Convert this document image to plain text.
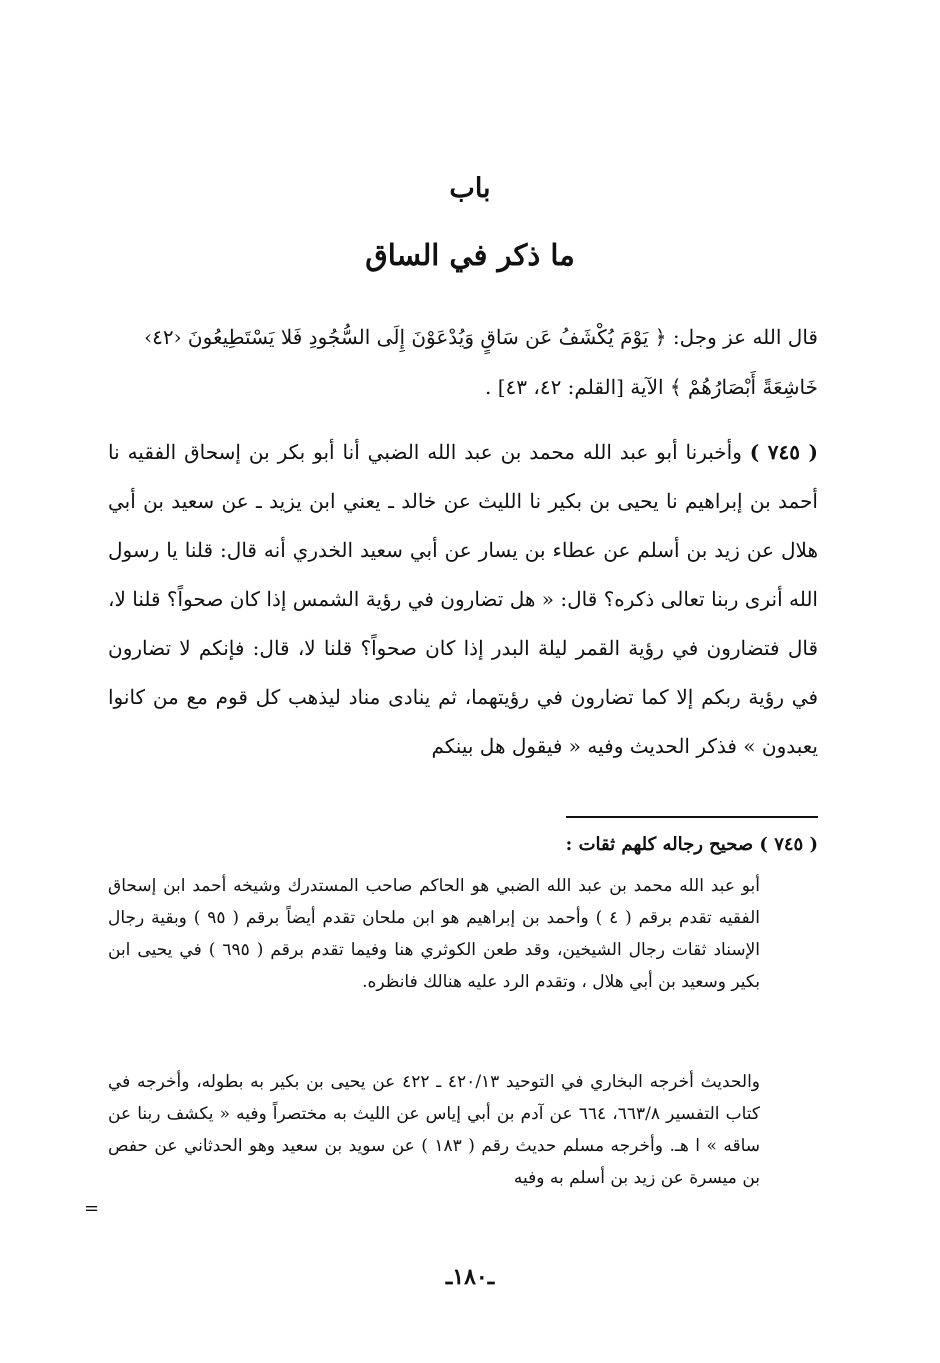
باب
ما ذكر في الساق
قال الله عز وجل: ﴿ يَوْمَ يُكْشَفُ عَن سَاقٍ وَيُدْعَوْنَ إِلَى السُّجُودِ فَلا يَسْتَطِيعُونَ ‹٤٢› خَاشِعَةً أَبْصَارُهُمْ ﴾ الآية [القلم: ٤٢، ٤٣] .
( ٧٤٥ ) وأخبرنا أبو عبد الله محمد بن عبد الله الضبي أنا أبو بكر بن إسحاق الفقيه نا أحمد بن إبراهيم نا يحيى بن بكير نا الليث عن خالد ـ يعني ابن يزيد ـ عن سعيد بن أبي هلال عن زيد بن أسلم عن عطاء بن يسار عن أبي سعيد الخدري أنه قال: قلنا يا رسول الله أنرى ربنا تعالى ذكره؟ قال: « هل تضارون في رؤية الشمس إذا كان صحواً؟ قلنا لا، قال فتضارون في رؤية القمر ليلة البدر إذا كان صحواً؟ قلنا لا، قال: فإنكم لا تضارون في رؤية ربكم إلا كما تضارون في رؤيتهما، ثم ينادى مناد ليذهب كل قوم مع من كانوا يعبدون » فذكر الحديث وفيه « فيقول هل بينكم
( ٧٤٥ ) صحيح رجاله كلهم ثقات :
أبو عبد الله محمد بن عبد الله الضبي هو الحاكم صاحب المستدرك وشيخه أحمد ابن إسحاق الفقيه تقدم برقم ( ٤ ) وأحمد بن إبراهيم هو ابن ملحان تقدم أيضاً برقم ( ٩٥ ) وبقية رجال الإسناد ثقات رجال الشيخين، وقد طعن الكوثري هنا وفيما تقدم برقم ( ٦٩٥ ) في يحيى ابن بكير وسعيد بن أبي هلال ، وتقدم الرد عليه هنالك فانظره.
والحديث أخرجه البخاري في التوحيد ٤٢٠/١٣ ـ ٤٢٢ عن يحيى بن بكير به بطوله، وأخرجه في كتاب التفسير ٦٦٣/٨، ٦٦٤ عن آدم بن أبي إياس عن الليث به مختصراً وفيه « يكشف ربنا عن ساقه » ا هـ. وأخرجه مسلم حديث رقم ( ١٨٣ ) عن سويد بن سعيد وهو الحدثاني عن حفص بن ميسرة عن زيد بن أسلم به وفيه
=
ـ١٨٠ـ
